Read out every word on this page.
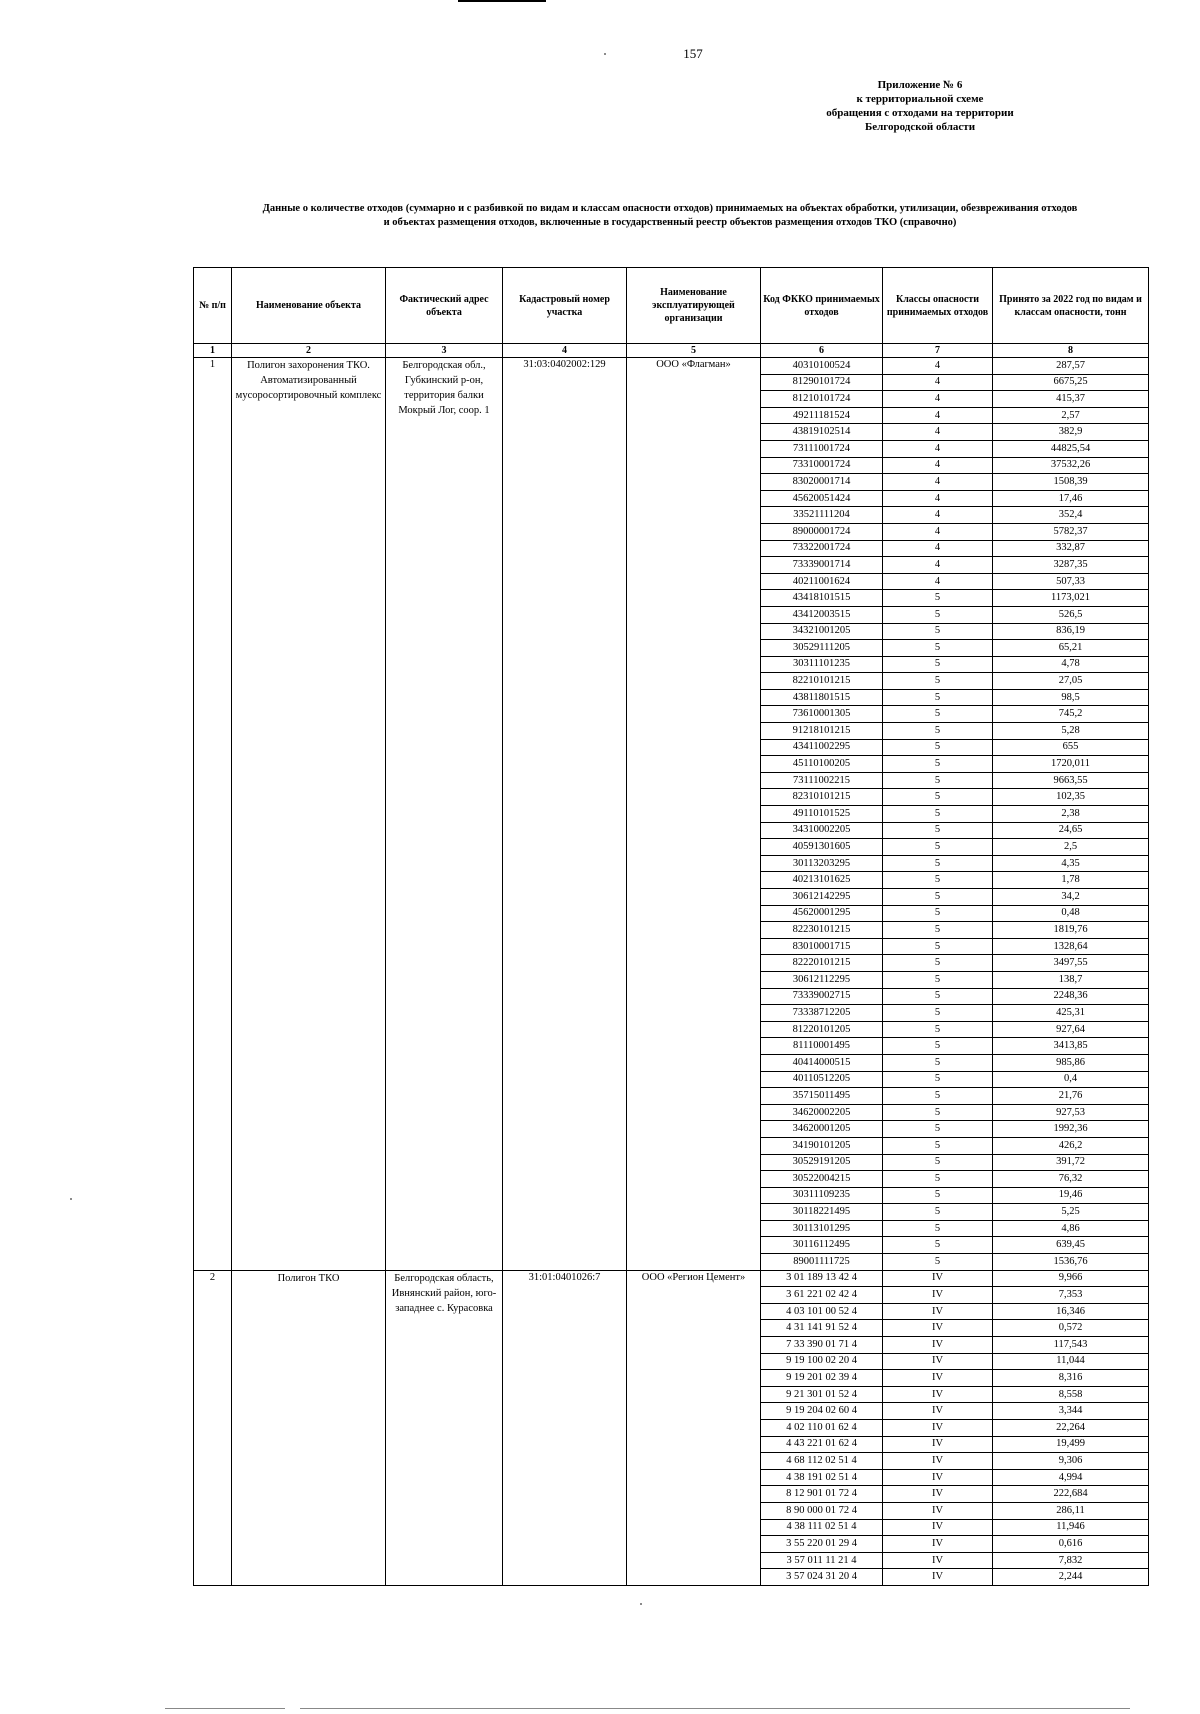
157
Приложение № 6
к территориальной схеме
обращения с отходами на территории
Белгородской области
Данные о количестве отходов (суммарно и с разбивкой по видам и классам опасности отходов) принимаемых на объектах обработки, утилизации, обезвреживания отходов
и объектах размещения отходов, включенные в государственный реестр объектов размещения отходов ТКО (справочно)
№ п/п	Наименование объекта	Фактический адрес объекта	Кадастровый номер участка	Наименование эксплуатирующей организации	Код ФККО принимаемых отходов	Классы опасности принимаемых отходов	Принято за 2022 год по видам и классам опасности, тонн
1	2	3	4	5	6	7	8
1	Полигон захоронения ТКО. Автоматизированный мусоросортировочный комплекс	Белгородская обл., Губкинский р-он, территория балки Мокрый Лог, соор. 1	31:03:0402002:129	ООО «Флагман»	40310100524	4	287,57
					81290101724	4	6675,25
					81210101724	4	415,37
					49211181524	4	2,57
					43819102514	4	382,9
					73111001724	4	44825,54
					73310001724	4	37532,26
					83020001714	4	1508,39
					45620051424	4	17,46
					33521111204	4	352,4
					89000001724	4	5782,37
					73322001724	4	332,87
					73339001714	4	3287,35
					40211001624	4	507,33
					43418101515	5	1173,021
					43412003515	5	526,5
					34321001205	5	836,19
					30529111205	5	65,21
					30311101235	5	4,78
					82210101215	5	27,05
					43811801515	5	98,5
					73610001305	5	745,2
					91218101215	5	5,28
					43411002295	5	655
					45110100205	5	1720,011
					73111002215	5	9663,55
					82310101215	5	102,35
					49110101525	5	2,38
					34310002205	5	24,65
					40591301605	5	2,5
					30113203295	5	4,35
					40213101625	5	1,78
					30612142295	5	34,2
					45620001295	5	0,48
					82230101215	5	1819,76
					83010001715	5	1328,64
					82220101215	5	3497,55
					30612112295	5	138,7
					73339002715	5	2248,36
					73338712205	5	425,31
					81220101205	5	927,64
					81110001495	5	3413,85
					40414000515	5	985,86
					40110512205	5	0,4
					35715011495	5	21,76
					34620002205	5	927,53
					34620001205	5	1992,36
					34190101205	5	426,2
					30529191205	5	391,72
					30522004215	5	76,32
					30311109235	5	19,46
					30118221495	5	5,25
					30113101295	5	4,86
					30116112495	5	639,45
					89001111725	5	1536,76
2	Полигон ТКО	Белгородская область, Ивнянский район, юго-западнее с. Курасовка	31:01:0401026:7	ООО «Регион Цемент»	3 01 189 13 42 4	IV	9,966
					3 61 221 02 42 4	IV	7,353
					4 03 101 00 52 4	IV	16,346
					4 31 141 91 52 4	IV	0,572
					7 33 390 01 71 4	IV	117,543
					9 19 100 02 20 4	IV	11,044
					9 19 201 02 39 4	IV	8,316
					9 21 301 01 52 4	IV	8,558
					9 19 204 02 60 4	IV	3,344
					4 02 110 01 62 4	IV	22,264
					4 43 221 01 62 4	IV	19,499
					4 68 112 02 51 4	IV	9,306
					4 38 191 02 51 4	IV	4,994
					8 12 901 01 72 4	IV	222,684
					8 90 000 01 72 4	IV	286,11
					4 38 111 02 51 4	IV	11,946
					3 55 220 01 29 4	IV	0,616
					3 57 011 11 21 4	IV	7,832
					3 57 024 31 20 4	IV	2,244
